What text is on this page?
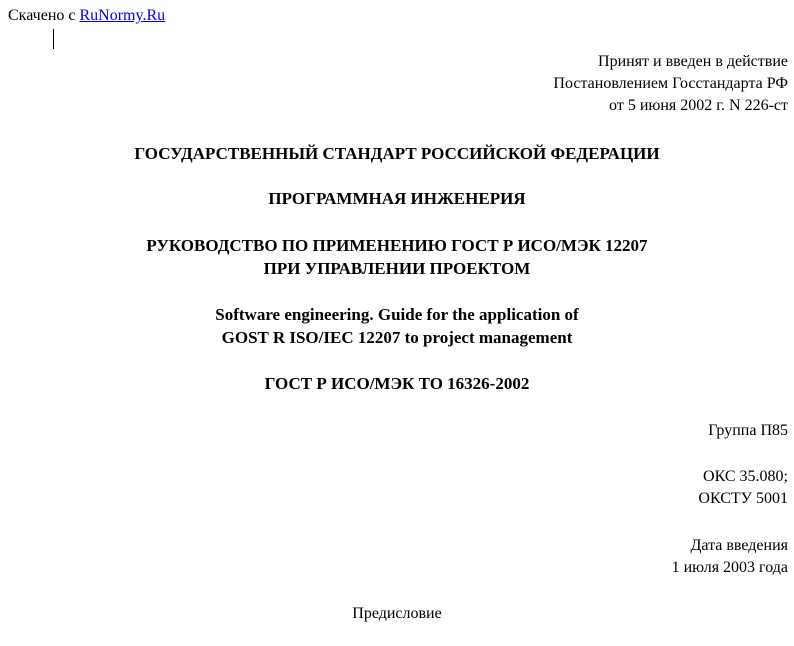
Скачено с RuNormy.Ru
Принят и введен в действие
Постановлением Госстандарта РФ
от 5 июня 2002 г. N 226-ст
ГОСУДАРСТВЕННЫЙ СТАНДАРТ РОССИЙСКОЙ ФЕДЕРАЦИИ
ПРОГРАММНАЯ ИНЖЕНЕРИЯ
РУКОВОДСТВО ПО ПРИМЕНЕНИЮ ГОСТ Р ИСО/МЭК 12207
ПРИ УПРАВЛЕНИИ ПРОЕКТОМ
Software engineering. Guide for the application of
GOST R ISO/IEC 12207 to project management
ГОСТ Р ИСО/МЭК ТО 16326-2002
Группа П85
ОКС 35.080;
ОКСТУ 5001
Дата введения
1 июля 2003 года
Предисловие
